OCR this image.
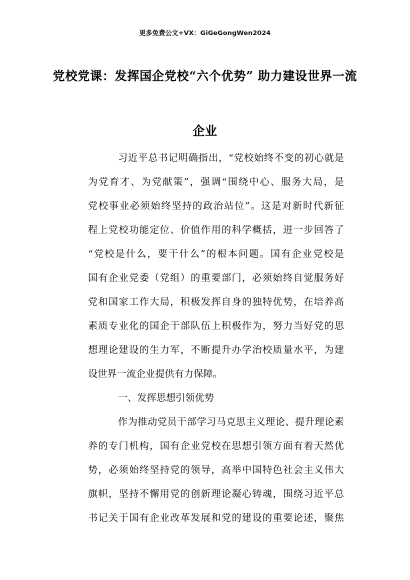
更多免费公文+VX：GiGeGongWen2024
党校党课：发挥国企党校“六个优势” 助力建设世界一流
企业
习近平总书记明确指出，“党校始终不变的初心就是
为党育才、为党献策”，强调“围绕中心、服务大局，是
党校事业必须始终坚持的政治站位”。这是对新时代新征
程上党校功能定位、价值作用的科学概括，进一步回答了
“党校是什么，要干什么”的根本问题。国有企业党校是
国有企业党委（党组）的重要部门，必须始终自觉服务好
党和国家工作大局，积极发挥自身的独特优势，在培养高
素质专业化的国企干部队伍上积极作为，努力当好党的思
想理论建设的生力军，不断提升办学治校质量水平，为建
设世界一流企业提供有力保障。
一、发挥思想引领优势
作为推动党员干部学习马克思主义理论、提升理论素
养的专门机构，国有企业党校在思想引领方面有着天然优
势，必须始终坚持党的领导，高举中国特色社会主义伟大
旗帜，坚持不懈用党的创新理论凝心铸魂，围绕习近平总
书记关于国有企业改革发展和党的建设的重要论述，聚焦
